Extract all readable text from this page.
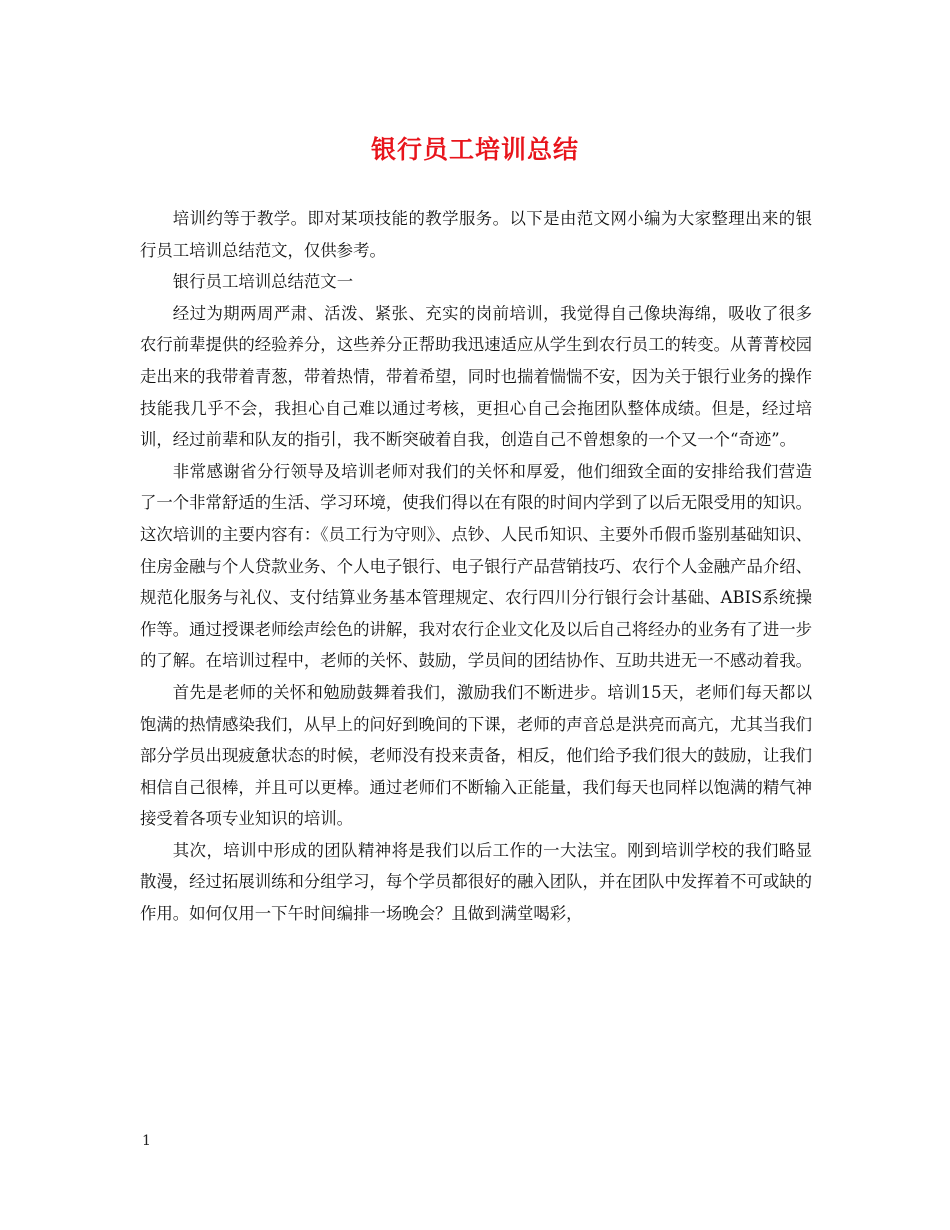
银行员工培训总结

培训约等于教学。即对某项技能的教学服务。以下是由范文网小编为大家整理出来的银行员工培训总结范文，仅供参考。

银行员工培训总结范文一

经过为期两周严肃、活泼、紧张、充实的岗前培训，我觉得自己像块海绵，吸收了很多农行前辈提供的经验养分，这些养分正帮助我迅速适应从学生到农行员工的转变。从菁菁校园走出来的我带着青葱，带着热情，带着希望，同时也揣着惴惴不安，因为关于银行业务的操作技能我几乎不会，我担心自己难以通过考核，更担心自己会拖团队整体成绩。但是，经过培训，经过前辈和队友的指引，我不断突破着自我，创造自己不曾想象的一个又一个“奇迹”。

非常感谢省分行领导及培训老师对我们的关怀和厚爱，他们细致全面的安排给我们营造了一个非常舒适的生活、学习环境，使我们得以在有限的时间内学到了以后无限受用的知识。这次培训的主要内容有：《员工行为守则》、点钞、人民币知识、主要外币假币鉴别基础知识、住房金融与个人贷款业务、个人电子银行、电子银行产品营销技巧、农行个人金融产品介绍、规范化服务与礼仪、支付结算业务基本管理规定、农行四川分行银行会计基础、ABIS系统操作等。通过授课老师绘声绘色的讲解，我对农行企业文化及以后自己将经办的业务有了进一步的了解。在培训过程中，老师的关怀、鼓励，学员间的团结协作、互助共进无一不感动着我。

首先是老师的关怀和勉励鼓舞着我们，激励我们不断进步。培训15天，老师们每天都以饱满的热情感染我们，从早上的问好到晚间的下课，老师的声音总是洪亮而高亢，尤其当我们部分学员出现疲惫状态的时候，老师没有投来责备，相反，他们给予我们很大的鼓励，让我们相信自己很棒，并且可以更棒。通过老师们不断输入正能量，我们每天也同样以饱满的精气神接受着各项专业知识的培训。

其次，培训中形成的团队精神将是我们以后工作的一大法宝。刚到培训学校的我们略显散漫，经过拓展训练和分组学习，每个学员都很好的融入团队，并在团队中发挥着不可或缺的作用。如何仅用一下午时间编排一场晚会？且做到满堂喝彩，

1
